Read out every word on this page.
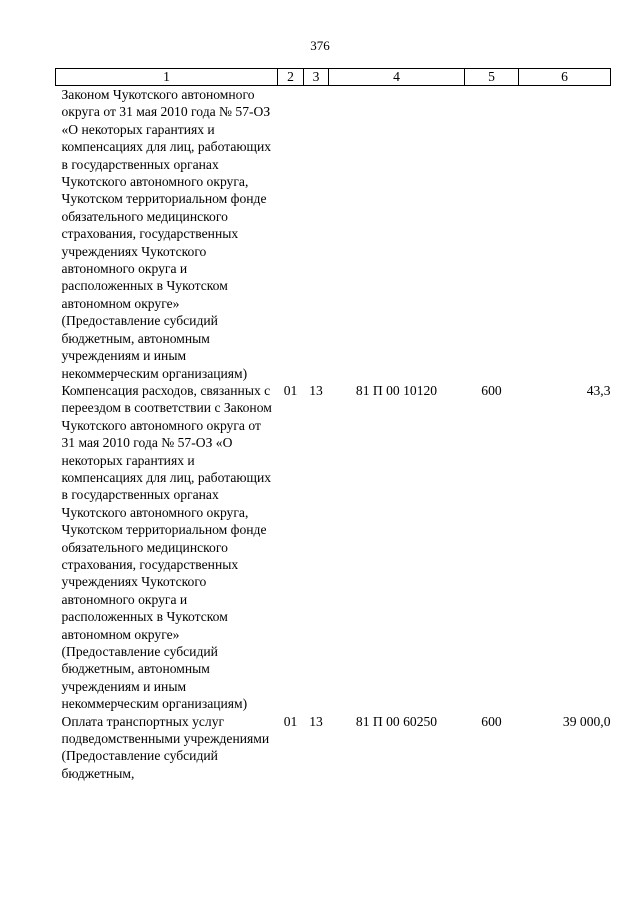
376
1	2	3	4	5	6
Законом Чукотского автономного округа от 31 мая 2010 года № 57-ОЗ «О некоторых гарантиях и компенсациях для лиц, работающих в государственных органах Чукотского автономного округа, Чукотском территориальном фонде обязательного медицинского страхования, государственных учреждениях Чукотского автономного округа и расположенных в Чукотском автономном округе» (Предоставление субсидий бюджетным, автономным учреждениям и иным некоммерческим организациям)					
Компенсация расходов, связанных с переездом в соответствии с Законом Чукотского автономного округа от 31 мая 2010 года № 57-ОЗ «О некоторых гарантиях и компенсациях для лиц, работающих в государственных органах Чукотского автономного округа, Чукотском территориальном фонде обязательного медицинского страхования, государственных учреждениях Чукотского автономного округа и расположенных в Чукотском автономном округе» (Предоставление субсидий бюджетным, автономным учреждениям и иным некоммерческим организациям)	01	13	81 П 00 10120	600	43,3
Оплата транспортных услуг подведомственными учреждениями (Предоставление субсидий бюджетным,	01	13	81 П 00 60250	600	39 000,0
